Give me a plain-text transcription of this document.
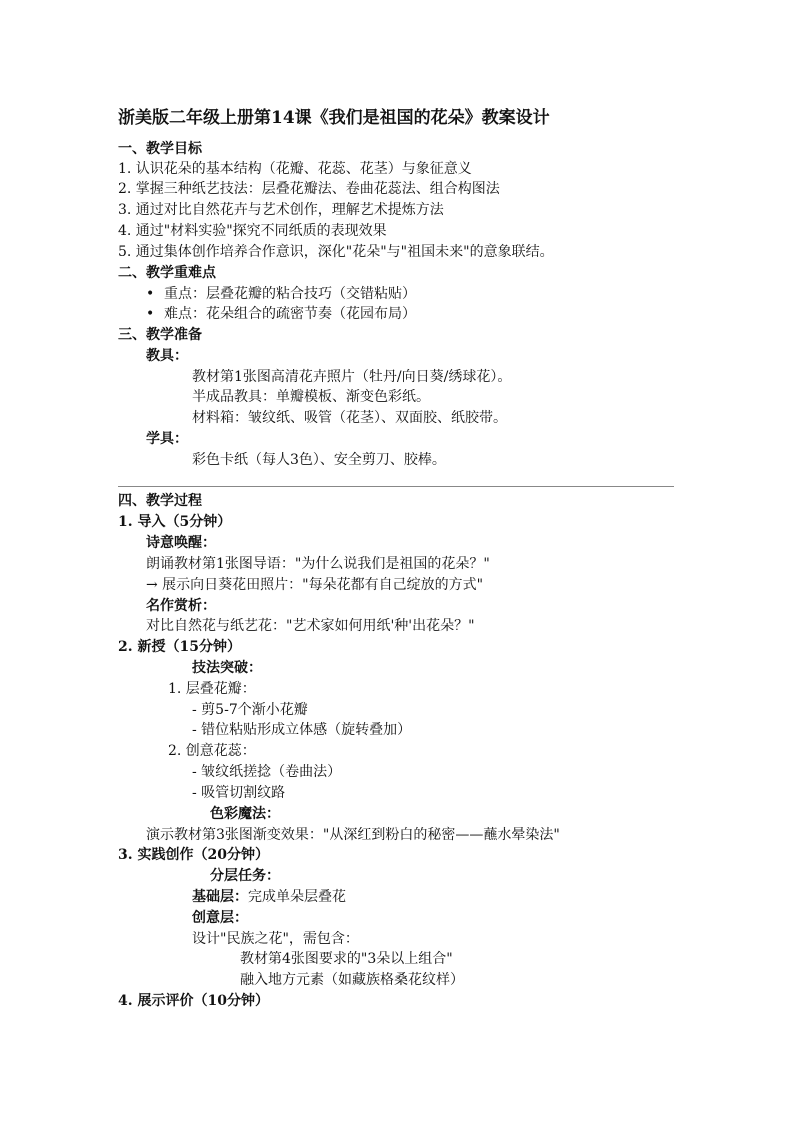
浙美版二年级上册第14课《我们是祖国的花朵》教案设计
一、教学目标
1. 认识花朵的基本结构（花瓣、花蕊、花茎）与象征意义
2. 掌握三种纸艺技法：层叠花瓣法、卷曲花蕊法、组合构图法
3. 通过对比自然花卉与艺术创作，理解艺术提炼方法
4. 通过"材料实验"探究不同纸质的表现效果
5. 通过集体创作培养合作意识，深化"花朵"与"祖国未来"的意象联结。
二、教学重难点
• 重点：层叠花瓣的粘合技巧（交错粘贴）
• 难点：花朵组合的疏密节奏（花园布局）
三、教学准备
教具：
教材第1张图高清花卉照片（牡丹/向日葵/绣球花）。
半成品教具：单瓣模板、渐变色彩纸。
材料箱：皱纹纸、吸管（花茎）、双面胶、纸胶带。
学具：
彩色卡纸（每人3色）、安全剪刀、胶棒。
四、教学过程
1. 导入（5分钟）
诗意唤醒：
朗诵教材第1张图导语："为什么说我们是祖国的花朵？"
→ 展示向日葵花田照片："每朵花都有自己绽放的方式"
名作赏析：
对比自然花与纸艺花："艺术家如何用纸'种'出花朵？"
2. 新授（15分钟）
技法突破：
1. 层叠花瓣：
- 剪5-7个渐小花瓣
- 错位粘贴形成立体感（旋转叠加）
2. 创意花蕊：
- 皱纹纸搓捻（卷曲法）
- 吸管切割纹路
色彩魔法：
演示教材第3张图渐变效果："从深红到粉白的秘密——蘸水晕染法"
3. 实践创作（20分钟）
分层任务：
基础层：完成单朵层叠花
创意层：
设计"民族之花"，需包含：
教材第4张图要求的"3朵以上组合"
融入地方元素（如藏族格桑花纹样）
4. 展示评价（10分钟）
